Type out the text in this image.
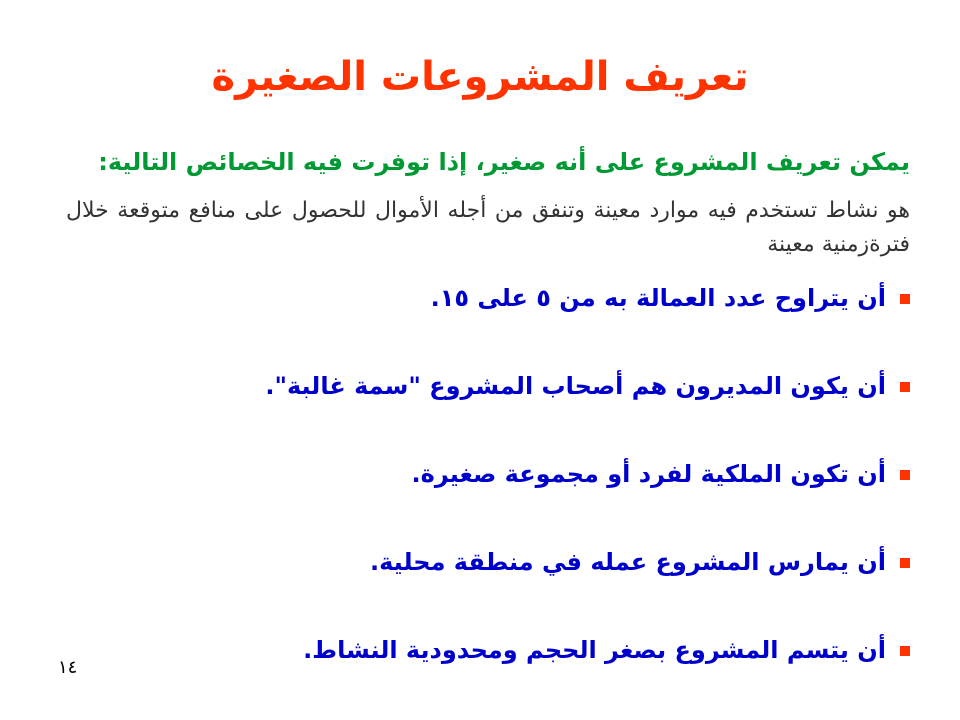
تعريف المشروعات الصغيرة
يمكن تعريف المشروع على أنه صغير، إذا توفرت فيه الخصائص التالية:
هو نشاط تستخدم فيه موارد معينة وتنفق من أجله الأموال للحصول على منافع متوقعة خلال فترةزمنية معينة
أن يتراوح عدد العمالة به من ٥ على ١٥.
أن يكون المديرون هم أصحاب المشروع "سمة غالبة".
أن تكون الملكية لفرد أو مجموعة صغيرة.
أن يمارس المشروع عمله في منطقة محلية.
أن يتسم المشروع بصغر الحجم ومحدودية النشاط.
١٤
